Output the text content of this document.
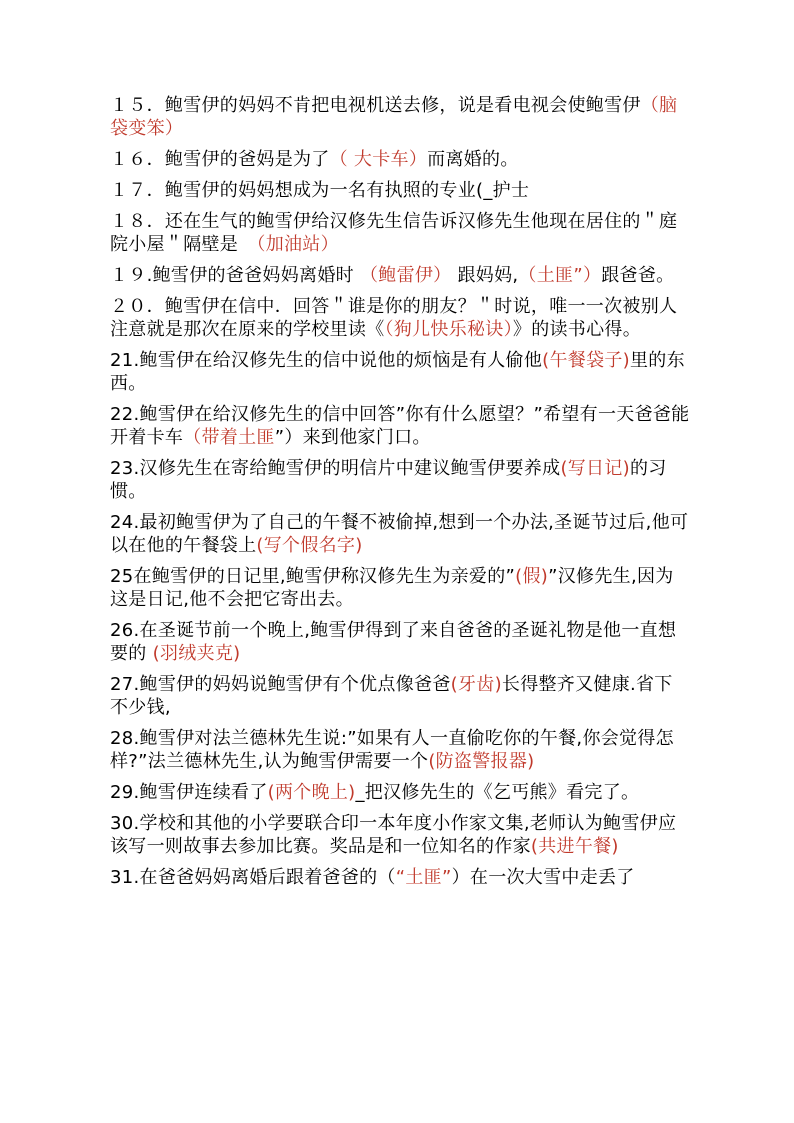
１５．鲍雪伊的妈妈不肯把电视机送去修，说是看电视会使鲍雪伊（脑袋变笨）

１６．鲍雪伊的爸妈是为了（ 大卡车）而离婚的。

１７．鲍雪伊的妈妈想成为一名有执照的专业(_护士

１８．还在生气的鲍雪伊给汉修先生信告诉汉修先生他现在居住的＂庭院小屋＂隔壁是　（加油站）

１９.鲍雪伊的爸爸妈妈离婚时 （鲍雷伊） 跟妈妈,（土匪”）跟爸爸。

２０．鲍雪伊在信中．回答＂谁是你的朋友？＂时说，唯一一次被别人注意就是那次在原来的学校里读《（狗儿快乐秘诀）》的读书心得。

21.鲍雪伊在给汉修先生的信中说他的烦恼是有人偷他(午餐袋子)里的东西。

22.鲍雪伊在给汉修先生的信中回答”你有什么愿望？”希望有一天爸爸能开着卡车（带着土匪”）来到他家门口。

23.汉修先生在寄给鲍雪伊的明信片中建议鲍雪伊要养成(写日记)的习惯。

24.最初鲍雪伊为了自己的午餐不被偷掉,想到一个办法,圣诞节过后,他可以在他的午餐袋上(写个假名字)

25在鲍雪伊的日记里,鲍雪伊称汉修先生为亲爱的”(假)”汉修先生,因为这是日记,他不会把它寄出去。

26.在圣诞节前一个晚上,鲍雪伊得到了来自爸爸的圣诞礼物是他一直想要的 (羽绒夹克)

27.鲍雪伊的妈妈说鲍雪伊有个优点像爸爸(牙齿)长得整齐又健康.省下不少钱,

28.鲍雪伊对法兰德林先生说:”如果有人一直偷吃你的午餐,你会觉得怎样?”法兰德林先生,认为鲍雪伊需要一个(防盗警报器)

29.鲍雪伊连续看了(两个晚上)_把汉修先生的《乞丐熊》看完了。

30.学校和其他的小学要联合印一本年度小作家文集,老师认为鲍雪伊应该写一则故事去参加比赛。奖品是和一位知名的作家(共进午餐)

31.在爸爸妈妈离婚后跟着爸爸的（“土匪”）在一次大雪中走丢了
